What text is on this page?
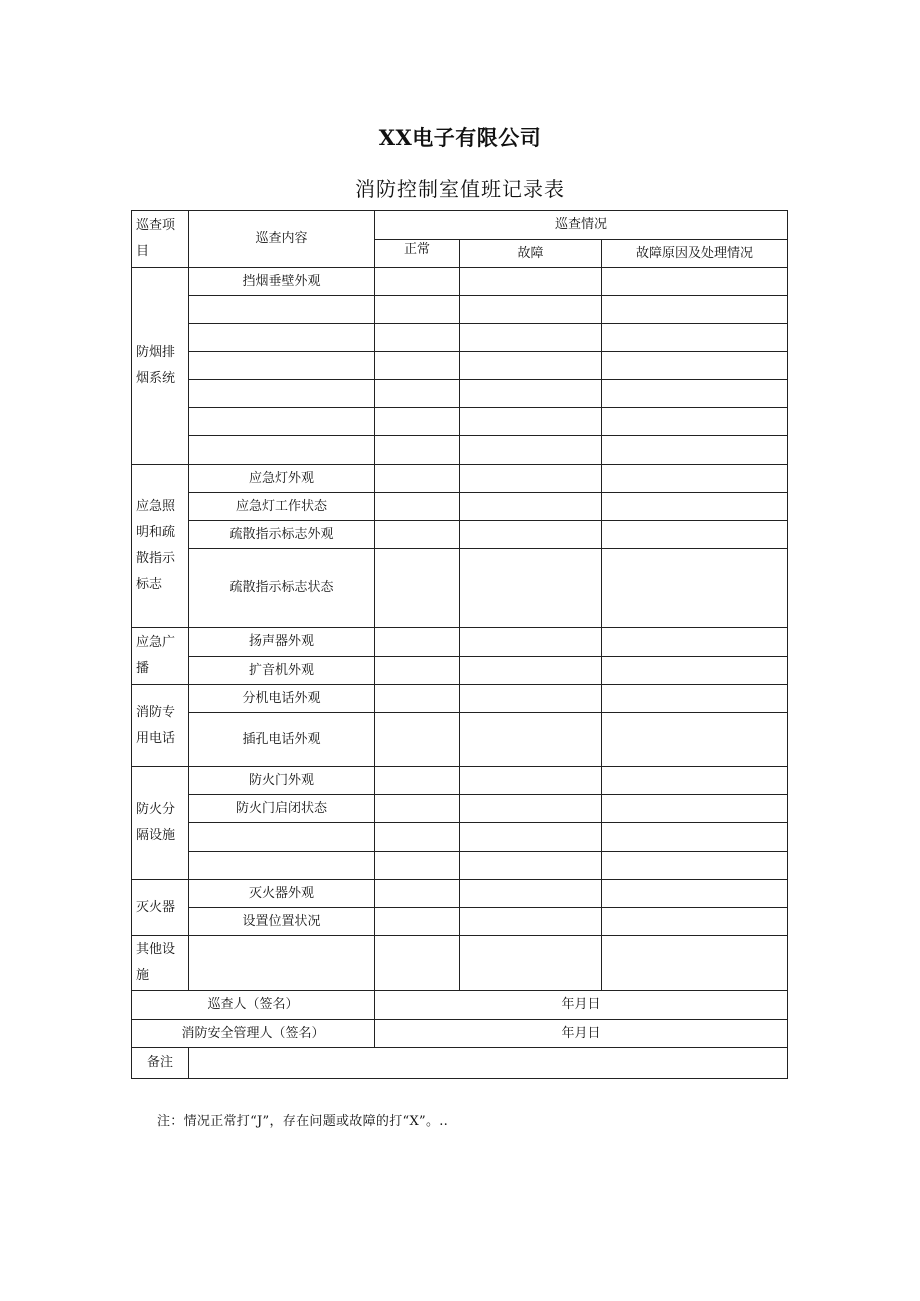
XX电子有限公司
消防控制室值班记录表
巡查项目	巡查内容	巡查情况		
		正常	故障	故障原因及处理情况
防烟排烟系统	挡烟垂壁外观			

应急照明和疏散指示标志	应急灯外观			
	应急灯工作状态			
	疏散指示标志外观			
	疏散指示标志状态			
应急广播	扬声器外观			
	扩音机外观			
消防专用电话	分机电话外观			
	插孔电话外观			
防火分隔设施	防火门外观			
	防火门启闭状态			

灭火器	灭火器外观			
	设置位置状况			
其他设施				
巡查人（签名）		年月日		
消防安全管理人（签名）		年月日		
备注				
注：情况正常打“J”，存在问题或故障的打“X”。..
